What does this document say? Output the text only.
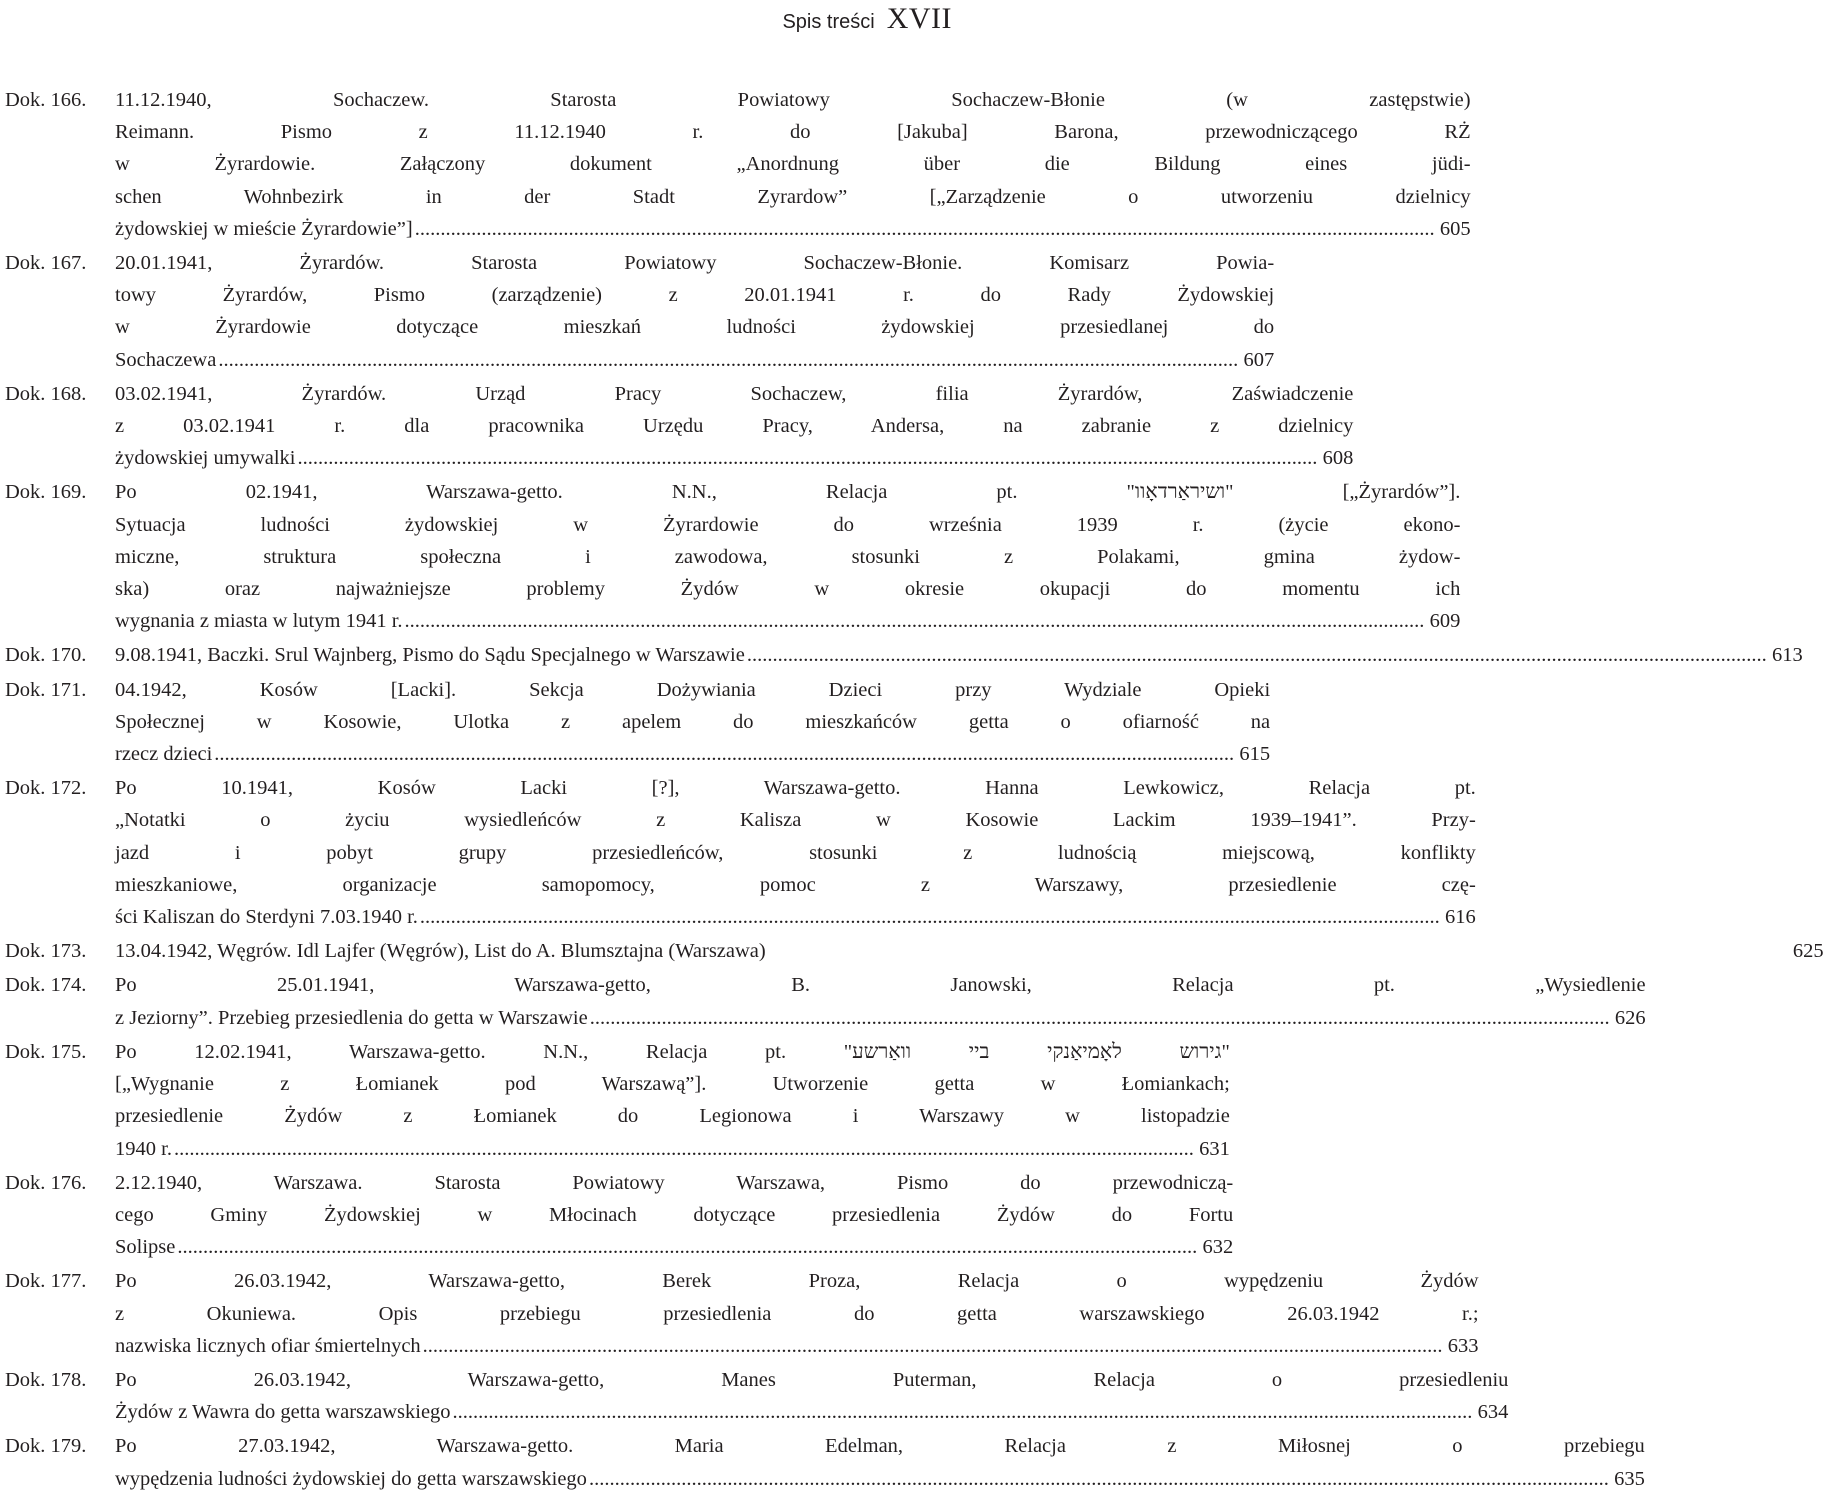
Spis treści XVII
Dok. 166.	11.12.1940, Sochaczew. Starosta Powiatowy Sochaczew-Błonie (w zastępstwie)
Reimann. Pismo z 11.12.1940 r. do [Jakuba] Barona, przewodniczącego RŻ
w Żyrardowie. Załączony dokument „Anordnung über die Bildung eines jüdi-
schen Wohnbezirk in der Stadt Zyrardow” [„Zarządzenie o utworzeniu dzielnicy
żydowskiej w mieście Żyrardowie”] .....	605
Dok. 167.	20.01.1941, Żyrardów. Starosta Powiatowy Sochaczew-Błonie. Komisarz Powia-
towy Żyrardów, Pismo (zarządzenie) z 20.01.1941 r. do Rady Żydowskiej
w Żyrardowie dotyczące mieszkań ludności żydowskiej przesiedlanej do
Sochaczewa .....	607
Dok. 168.	03.02.1941, Żyrardów. Urząd Pracy Sochaczew, filia Żyrardów, Zaświadczenie
z 03.02.1941 r. dla pracownika Urzędu Pracy, Andersa, na zabranie z dzielnicy
żydowskiej umywalki .....	608
Dok. 169.	Po 02.1941, Warszawa-getto. N.N., Relacja pt. "ושיראַרדאָוו" [„Żyrardów”].
Sytuacja ludności żydowskiej w Żyrardowie do września 1939 r. (życie ekono-
miczne, struktura społeczna i zawodowa, stosunki z Polakami, gmina żydow-
ska) oraz najważniejsze problemy Żydów w okresie okupacji do momentu ich
wygnania z miasta w lutym 1941 r. .....	609
Dok. 170.	9.08.1941, Baczki. Srul Wajnberg, Pismo do Sądu Specjalnego w Warszawie .....	613
Dok. 171.	04.1942, Kosów [Lacki]. Sekcja Dożywiania Dzieci przy Wydziale Opieki
Społecznej w Kosowie, Ulotka z apelem do mieszkańców getta o ofiarność na
rzecz dzieci .....	615
Dok. 172.	Po 10.1941, Kosów Lacki [?], Warszawa-getto. Hanna Lewkowicz, Relacja pt.
„Notatki o życiu wysiedleńców z Kalisza w Kosowie Lackim 1939–1941”. Przy-
jazd i pobyt grupy przesiedleńców, stosunki z ludnością miejscową, konflikty
mieszkaniowe, organizacje samopomocy, pomoc z Warszawy, przesiedlenie czę-
ści Kaliszan do Sterdyni 7.03.1940 r. .....	616
Dok. 173.	13.04.1942, Węgrów. Idl Lajfer (Węgrów), List do A. Blumsztajna (Warszawa)	625
Dok. 174.	Po 25.01.1941, Warszawa-getto, B. Janowski, Relacja pt. „Wysiedlenie
z Jeziorny”. Przebieg przesiedlenia do getta w Warszawie .....	626
Dok. 175.	Po 12.02.1941, Warszawa-getto. N.N., Relacja pt. "גירוש לאָמיאַנקי ביי וואַרשע"
[„Wygnanie z Łomianek pod Warszawą”]. Utworzenie getta w Łomiankach;
przesiedlenie Żydów z Łomianek do Legionowa i Warszawy w listopadzie
1940 r. .....	631
Dok. 176.	2.12.1940, Warszawa. Starosta Powiatowy Warszawa, Pismo do przewodniczą-
cego Gminy Żydowskiej w Młocinach dotyczące przesiedlenia Żydów do Fortu
Solipse .....	632
Dok. 177.	Po 26.03.1942, Warszawa-getto, Berek Proza, Relacja o wypędzeniu Żydów
z Okuniewa. Opis przebiegu przesiedlenia do getta warszawskiego 26.03.1942 r.;
nazwiska licznych ofiar śmiertelnych .....	633
Dok. 178.	Po 26.03.1942, Warszawa-getto, Manes Puterman, Relacja o przesiedleniu
Żydów z Wawra do getta warszawskiego .....	634
Dok. 179.	Po 27.03.1942, Warszawa-getto. Maria Edelman, Relacja z Miłosnej o przebiegu
wypędzenia ludności żydowskiej do getta warszawskiego .....	635
